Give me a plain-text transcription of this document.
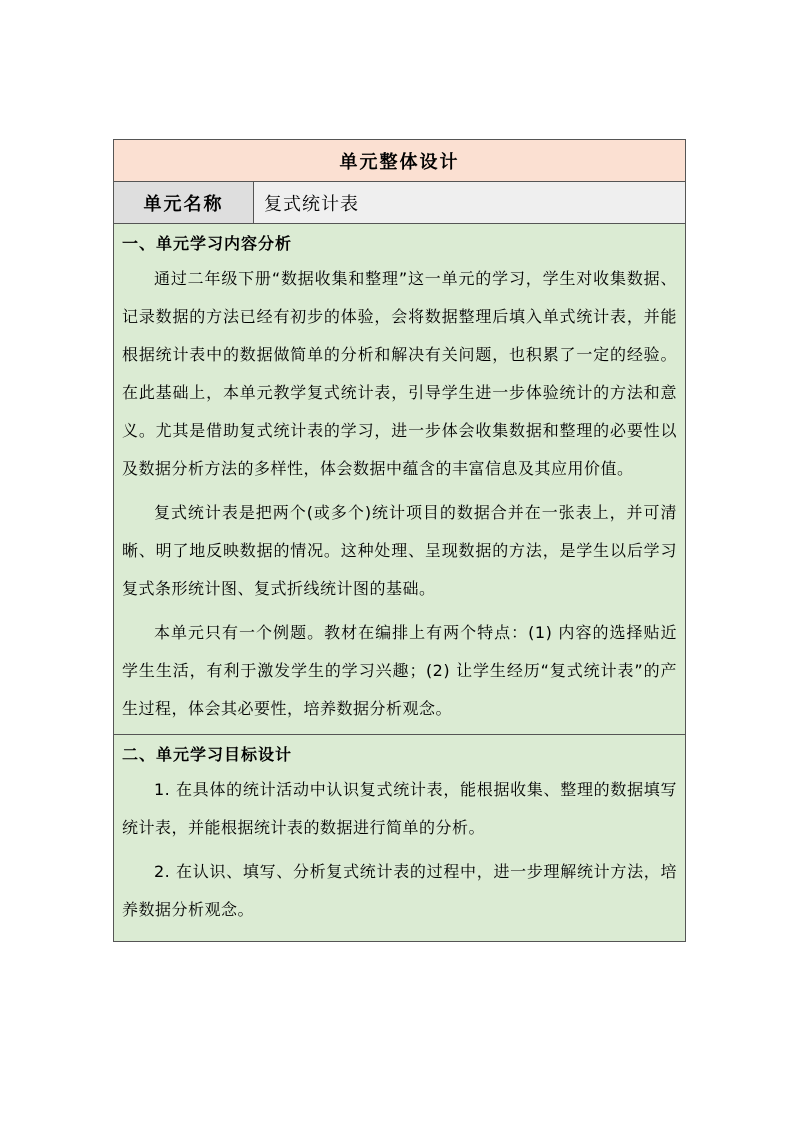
单元整体设计
单元名称	复式统计表
一、单元学习内容分析

通过二年级下册“数据收集和整理”这一单元的学习，学生对收集数据、记录数据的方法已经有初步的体验，会将数据整理后填入单式统计表，并能根据统计表中的数据做简单的分析和解决有关问题，也积累了一定的经验。在此基础上，本单元教学复式统计表，引导学生进一步体验统计的方法和意义。尤其是借助复式统计表的学习，进一步体会收集数据和整理的必要性以及数据分析方法的多样性，体会数据中蕴含的丰富信息及其应用价值。

复式统计表是把两个(或多个)统计项目的数据合并在一张表上，并可清晰、明了地反映数据的情况。这种处理、呈现数据的方法，是学生以后学习复式条形统计图、复式折线统计图的基础。

本单元只有一个例题。教材在编排上有两个特点：(1) 内容的选择贴近学生生活，有利于激发学生的学习兴趣；(2) 让学生经历“复式统计表”的产生过程，体会其必要性，培养数据分析观念。

二、单元学习目标设计

1. 在具体的统计活动中认识复式统计表，能根据收集、整理的数据填写统计表，并能根据统计表的数据进行简单的分析。

2. 在认识、填写、分析复式统计表的过程中，进一步理解统计方法，培养数据分析观念。
